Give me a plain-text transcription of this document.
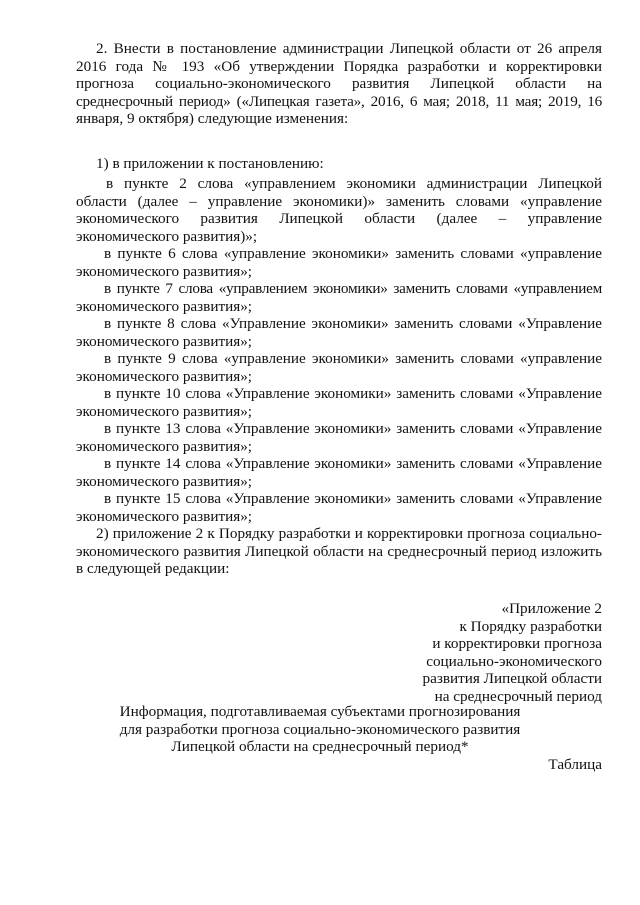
2. Внести в постановление администрации Липецкой области от 26 апреля
2016 года № 193 «Об утверждении Порядка разработки и корректировки
прогноза социально-экономического развития Липецкой области на
среднесрочный период» («Липецкая газета», 2016, 6 мая; 2018, 11 мая; 2019, 16
января, 9 октября) следующие изменения:
1) в приложении к постановлению:
в пункте 2 слова «управлением экономики администрации Липецкой
области (далее – управление экономики)» заменить словами «управление
экономического развития Липецкой области (далее – управление
экономического развития)»;
в пункте 6 слова «управление экономики» заменить словами «управление
экономического развития»;
в пункте 7 слова «управлением экономики» заменить словами «управлением
экономического развития»;
в пункте 8 слова «Управление экономики» заменить словами «Управление
экономического развития»;
в пункте 9 слова «управление экономики» заменить словами «управление
экономического развития»;
в пункте 10 слова «Управление экономики» заменить словами «Управление
экономического развития»;
в пункте 13 слова «Управление экономики» заменить словами «Управление
экономического развития»;
в пункте 14 слова «Управление экономики» заменить словами «Управление
экономического развития»;
в пункте 15 слова «Управление экономики» заменить словами «Управление
экономического развития»;
2) приложение 2 к Порядку разработки и корректировки прогноза социально-
экономического развития Липецкой области на среднесрочный период изложить
в следующей редакции:
«Приложение 2
к Порядку разработки
и корректировки прогноза
социально-экономического
развития Липецкой области
на среднесрочный период
Информация, подготавливаемая субъектами прогнозирования
для разработки прогноза социально-экономического развития
Липецкой области на среднесрочный период*
Таблица
